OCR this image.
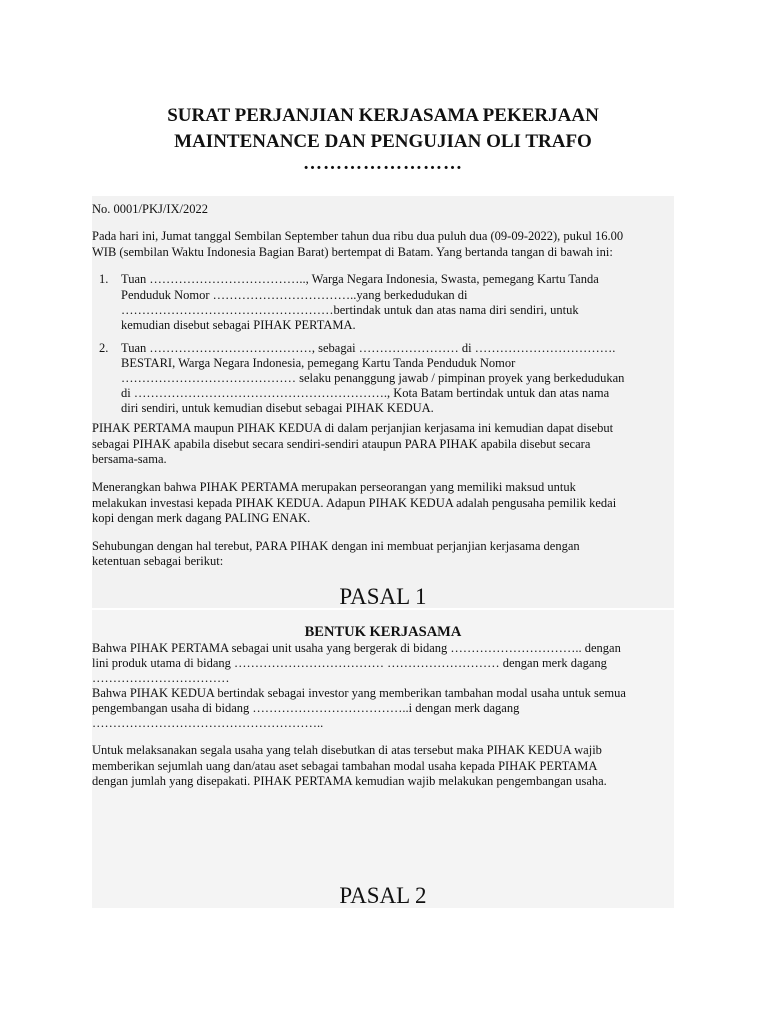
SURAT PERJANJIAN KERJASAMA PEKERJAAN
MAINTENANCE DAN PENGUJIAN OLI TRAFO
……………………
No. 0001/PKJ/IX/2022
Pada hari ini, Jumat tanggal Sembilan September tahun dua ribu dua puluh dua (09-09-2022), pukul 16.00
WIB (sembilan Waktu Indonesia Bagian Barat) bertempat di Batam. Yang bertanda tangan di bawah ini:
1. Tuan ……………………………….., Warga Negara Indonesia, Swasta, pemegang Kartu Tanda
Penduduk Nomor ……………………………..yang berkedudukan di
……………………………………………bertindak untuk dan atas nama diri sendiri, untuk
kemudian disebut sebagai PIHAK PERTAMA.
2. Tuan …………………………………, sebagai …………………… di …………………………….
BESTARI, Warga Negara Indonesia, pemegang Kartu Tanda Penduduk Nomor
…………………………………… selaku penanggung jawab / pimpinan proyek yang berkedudukan
di ……………………………………………………., Kota Batam bertindak untuk dan atas nama
diri sendiri, untuk kemudian disebut sebagai PIHAK KEDUA.
PIHAK PERTAMA maupun PIHAK KEDUA di dalam perjanjian kerjasama ini kemudian dapat disebut
sebagai PIHAK apabila disebut secara sendiri-sendiri ataupun PARA PIHAK apabila disebut secara
bersama-sama.
Menerangkan bahwa PIHAK PERTAMA merupakan perseorangan yang memiliki maksud untuk
melakukan investasi kepada PIHAK KEDUA. Adapun PIHAK KEDUA adalah pengusaha pemilik kedai
kopi dengan merk dagang PALING ENAK.
Sehubungan dengan hal terebut, PARA PIHAK dengan ini membuat perjanjian kerjasama dengan
ketentuan sebagai berikut:
PASAL 1
BENTUK KERJASAMA
Bahwa PIHAK PERTAMA sebagai unit usaha yang bergerak di bidang ………………………….. dengan
lini produk utama di bidang ……………………………… ……………………… dengan merk dagang
……………………………
Bahwa PIHAK KEDUA bertindak sebagai investor yang memberikan tambahan modal usaha untuk semua
pengembangan usaha di bidang ………………………………..i dengan merk dagang
………………………………………………..
Untuk melaksanakan segala usaha yang telah disebutkan di atas tersebut maka PIHAK KEDUA wajib
memberikan sejumlah uang dan/atau aset sebagai tambahan modal usaha kepada PIHAK PERTAMA
dengan jumlah yang disepakati. PIHAK PERTAMA kemudian wajib melakukan pengembangan usaha.
PASAL 2
